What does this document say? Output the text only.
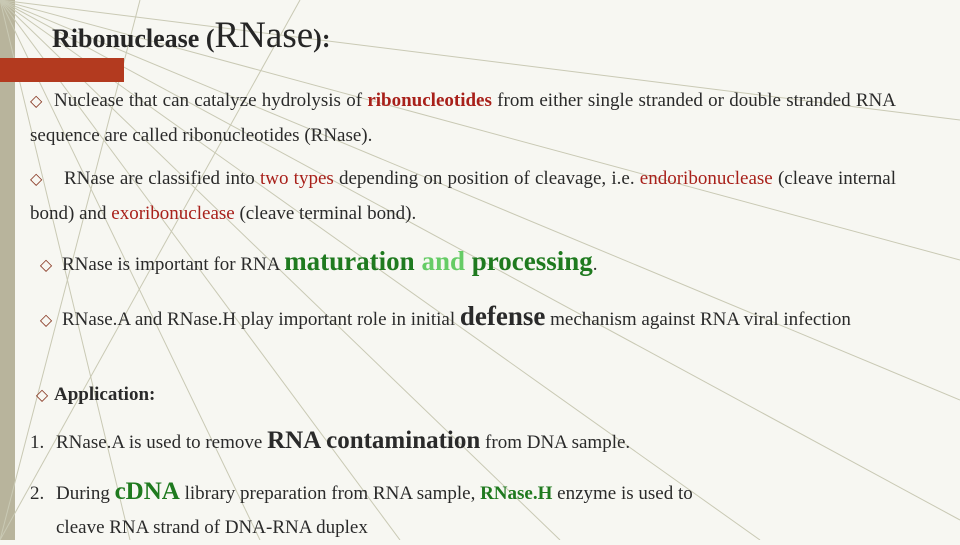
Ribonuclease (RNase):

◇ Nuclease that can catalyze hydrolysis of ribonucleotides from either single stranded or double stranded RNA sequence are called ribonucleotides (RNase).

◇ RNase are classified into two types depending on position of cleavage, i.e. endoribonuclease (cleave internal bond) and exoribonuclease (cleave terminal bond).

◇ RNase is important for RNA maturation and processing.

◇ RNase.A and RNase.H play important role in initial defense mechanism against RNA viral infection

◇ Application:

1. RNase.A is used to remove RNA contamination from DNA sample.

2. During cDNA library preparation from RNA sample, RNase.H enzyme is used to
cleave RNA strand of DNA-RNA duplex
